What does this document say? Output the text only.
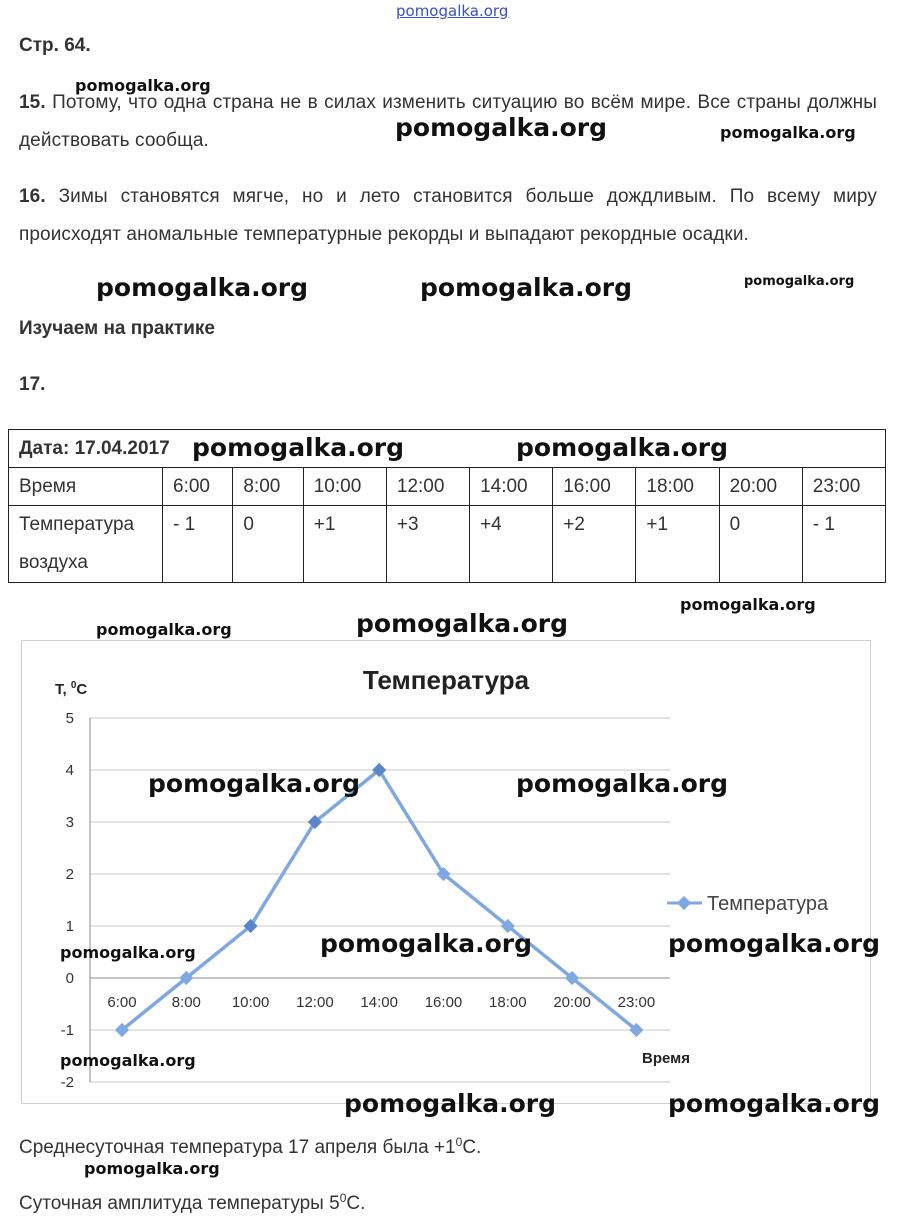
pomogalka.org
Стр. 64.
15. Потому, что одна страна не в силах изменить ситуацию во всём мире. Все страны должны действовать сообща.
16. Зимы становятся мягче, но и лето становится больше дождливым. По всему миру происходят аномальные температурные рекорды и выпадают рекордные осадки.
Изучаем на практике
17.
Дата: 17.04.2017									
Время	6:00	8:00	10:00	12:00	14:00	16:00	18:00	20:00	23:00
Температура воздуха	- 1	0	+1	+3	+4	+2	+1	0	- 1
5
4
3
2
1
0
-1
-2
6:00 8:00 10:00 12:00 14:00 16:00 18:00 20:00 23:00
Температура
T, $^0$C
Время
Температура
Среднесуточная температура 17 апреля была $+1^0С$.
Суточная амплитуда температуры $5^0С$.
pomogalka.org
pomogalka.org	pomogalka.org
pomogalka.org	pomogalka.org	pomogalka.org
pomogalka.org	pomogalka.org
pomogalka.org
pomogalka.org	pomogalka.org
pomogalka.org	pomogalka.org
pomogalka.org	pomogalka.org	pomogalka.org
pomogalka.org
pomogalka.org	pomogalka.org
pomogalka.org
